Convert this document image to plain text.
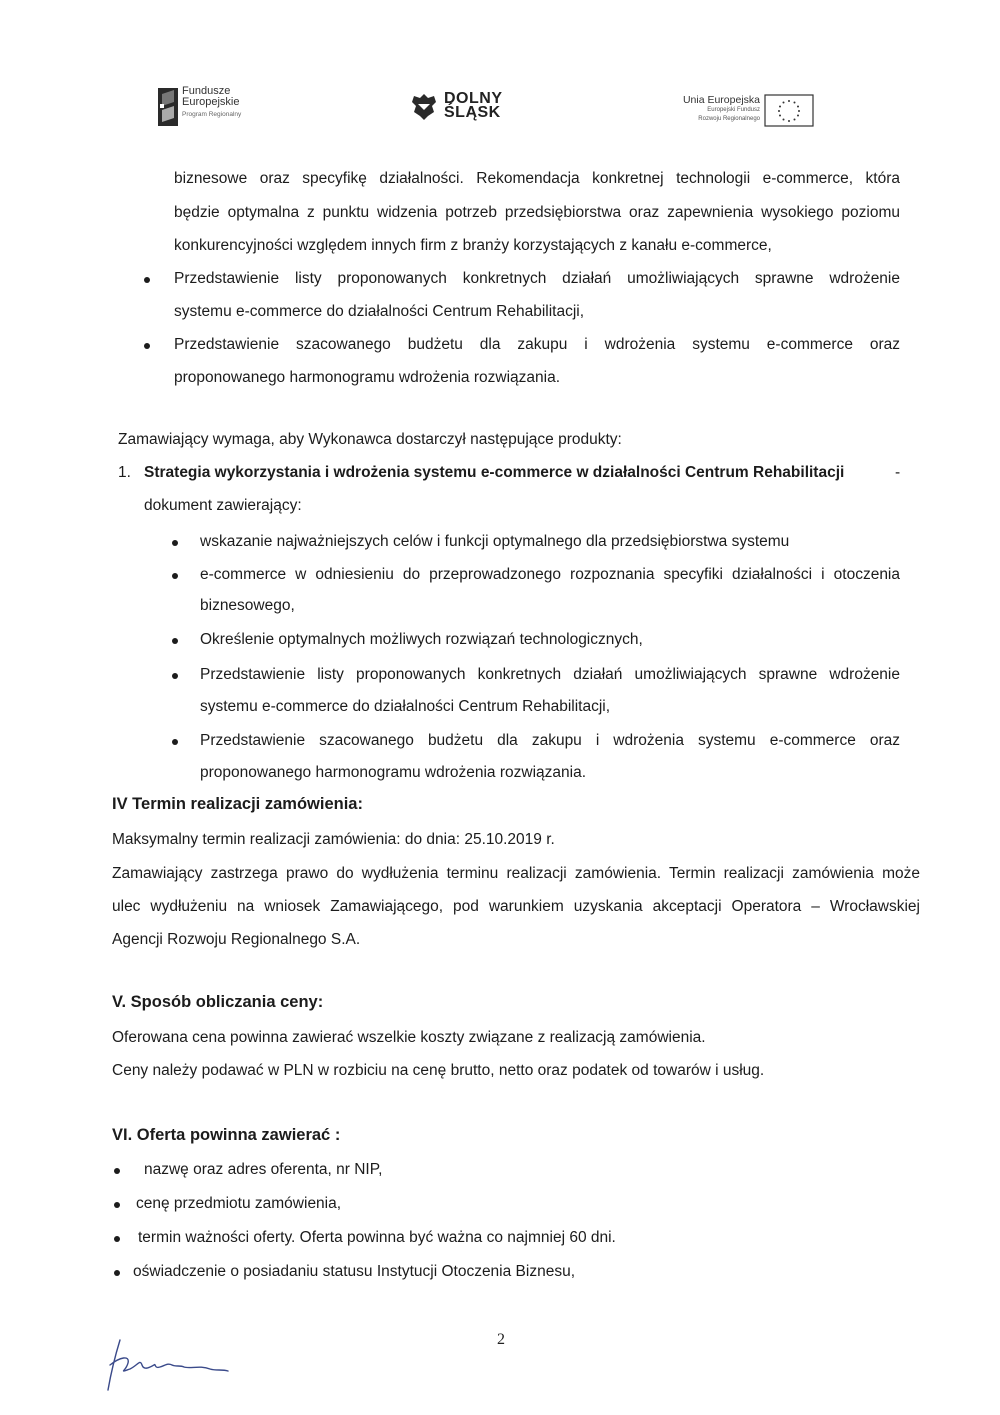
Fundusze
Europejskie
Program Regionalny
DOLNY
ŚLĄSK
Unia Europejska
Europejski Fundusz
Rozwoju Regionalnego
biznesowe oraz specyfikę działalności. Rekomendacja konkretnej technologii e-commerce, która
będzie optymalna z punktu widzenia potrzeb przedsiębiorstwa oraz zapewnienia wysokiego poziomu
konkurencyjności względem innych firm z branży korzystających z kanału e-commerce,
Przedstawienie listy proponowanych konkretnych działań umożliwiających sprawne wdrożenie
systemu e-commerce do działalności Centrum Rehabilitacji,
Przedstawienie szacowanego budżetu dla zakupu i wdrożenia systemu e-commerce oraz
proponowanego harmonogramu wdrożenia rozwiązania.
Zamawiający wymaga, aby Wykonawca dostarczył następujące produkty:
1. Strategia wykorzystania i wdrożenia systemu e-commerce w działalności Centrum Rehabilitacji	-
dokument zawierający:
wskazanie najważniejszych celów i funkcji optymalnego dla przedsiębiorstwa systemu
e-commerce w odniesieniu do przeprowadzonego rozpoznania specyfiki działalności i otoczenia
biznesowego,
Określenie optymalnych możliwych rozwiązań technologicznych,
Przedstawienie listy proponowanych konkretnych działań umożliwiających sprawne wdrożenie
systemu e-commerce do działalności Centrum Rehabilitacji,
Przedstawienie szacowanego budżetu dla zakupu i wdrożenia systemu e-commerce oraz
proponowanego harmonogramu wdrożenia rozwiązania.
IV Termin realizacji zamówienia:
Maksymalny termin realizacji zamówienia: do dnia: 25.10.2019 r.
Zamawiający zastrzega prawo do wydłużenia terminu realizacji zamówienia. Termin realizacji zamówienia może
ulec wydłużeniu na wniosek Zamawiającego, pod warunkiem uzyskania akceptacji Operatora – Wrocławskiej
Agencji Rozwoju Regionalnego S.A.
V. Sposób obliczania ceny:
Oferowana cena powinna zawierać wszelkie koszty związane z realizacją zamówienia.
Ceny należy podawać w PLN w rozbiciu na cenę brutto, netto oraz podatek od towarów i usług.
VI. Oferta powinna zawierać :
nazwę oraz adres oferenta, nr NIP,
cenę przedmiotu zamówienia,
termin ważności oferty. Oferta powinna być ważna co najmniej 60 dni.
oświadczenie o posiadaniu statusu Instytucji Otoczenia Biznesu,
2
